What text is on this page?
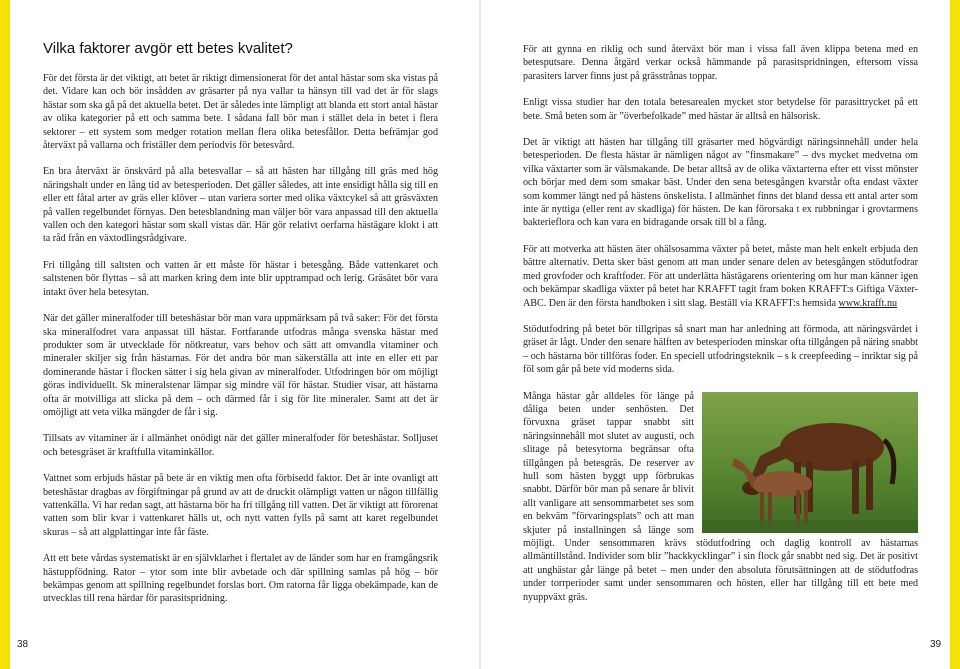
Vilka faktorer avgör ett betes kvalitet?

För det första är det viktigt, att betet är riktigt dimensionerat för det antal hästar som ska vistas på det. Vidare kan och bör insådden av gräsarter på nya vallar ta hänsyn till vad det är för slags hästar som ska gå på det aktuella betet. Det är således inte lämpligt att blanda ett stort antal hästar av olika kategorier på ett och samma bete. I sådana fall bör man i stället dela in betet i flera sektorer – ett system som medger rotation mellan flera olika betesfållor. Detta befrämjar god återväxt på vallarna och friställer dem periodvis för betesvård.

En bra återväxt är önskvärd på alla betesvallar – så att hästen har tillgång till gräs med hög näringshalt under en lång tid av betesperioden. Det gäller således, att inte ensidigt hålla sig till en eller ett fåtal arter av gräs eller klöver – utan variera sorter med olika växtcykel så att gräsväxten på vallen regelbundet förnyas. Den betesblandning man väljer bör vara anpassad till den aktuella vallen och den kategori hästar som skall vistas där. Här gör relativt oerfarna hästägare klokt i att ta råd från en växtodlingsrådgivare.

Fri tillgång till saltsten och vatten är ett måste för hästar i betesgång. Både vattenkaret och saltstenen bör flyttas – så att marken kring dem inte blir upptrampad och lerig. Gräsätet bör vara intakt över hela betesytan.

När det gäller mineralfoder till beteshästar bör man vara uppmärksam på två saker: För det första ska mineralfodret vara anpassat till hästar. Fortfarande utfodras många svenska hästar med produkter som är utvecklade för nötkreatur, vars behov och sätt att omvandla vitaminer och mineraler skiljer sig från hästarnas. För det andra bör man säkerställa att inte en eller ett par dominerande hästar i flocken sätter i sig hela givan av mineralfoder. Utfodringen bör om möjligt göras individuellt. Sk mineralstenar lämpar sig mindre väl för hästar. Studier visar, att hästarna ofta är motvilliga att slicka på dem – och därmed får i sig för lite mineraler. Samt att det är omöjligt att veta vilka mängder de får i sig.

Tillsats av vitaminer är i allmänhet onödigt när det gäller mineralfoder för beteshästar. Solljuset och betesgräset är kraftfulla vitaminkällor.

Vattnet som erbjuds hästar på bete är en viktig men ofta förbisedd faktor. Det är inte ovanligt att beteshästar dragbas av förgiftningar på grund av att de druckit olämpligt vatten ur någon tillfällig vattenkälla. Vi har redan sagt, att hästarna bör ha fri tillgång till vatten. Det är viktigt att förorenat vatten som blir kvar i vattenkaret hälls ut, och nytt vatten fylls på samt att karet regelbundet skuras – så att algplattingar inte får fäste.

Att ett bete vårdas systematiskt är en självklarhet i flertalet av de länder som har en framgångsrik hästuppfödning. Rator – ytor som inte blir avbetade och där spillning samlas på hög – bör bekämpas genom att spillning regelbundet forslas bort. Om ratorna får ligga obekämpade, kan de utvecklas till rena härdar för parasitspridning.

För att gynna en riklig och sund återväxt bör man i vissa fall även klippa betena med en betesputsare. Denna åtgärd verkar också hämmande på parasitspridningen, eftersom vissa parasiters larver finns just på grässtrånas toppar.

Enligt vissa studier har den totala betesarealen mycket stor betydelse för parasittrycket på ett bete. Små beten som är ”överbefolkade” med hästar är alltså en hälsorisk.

Det är viktigt att hästen har tillgång till gräsarter med högvärdigt näringsinnehåll under hela betesperioden. De flesta hästar är nämligen något av ”finsmakare” – dvs mycket medvetna om vilka växtarter som är välsmakande. De betar alltså av de olika växtarterna efter ett visst mönster och börjar med dem som smakar bäst. Under den sena betesgången kvarstår ofta endast växter som kommer längt ned på hästens önskelista. I allmänhet finns det bland dessa ett antal arter som inte är nyttiga (eller rent av skadliga) för hästen. De kan förorsaka t ex rubbningar i grovtarmens bakterieflora och kan vara en bidragande orsak till bl a fång.

För att motverka att hästen äter ohälsosamma växter på betet, måste man helt enkelt erbjuda den bättre alternativ. Detta sker bäst genom att man under senare delen av betesgången stödutfodrar med grovfoder och kraftfoder. För att underlätta hästägarens orientering om hur man känner igen och bekämpar skadliga växter på betet har KRAFFT tagit fram boken KRAFFT:s Giftiga Växter-ABC. Den är den första handboken i sitt slag. Beställ via KRAFFT:s hemsida www.krafft.nu

Stödutfodring på betet bör tillgripas så snart man har anledning att förmoda, att näringsvärdet i gräset är lågt. Under den senare hälften av betesperioden minskar ofta tillgången på näring snabbt – och hästarna bör tillföras foder. En speciell utfodringsteknik – s k creepfeeding – inriktar sig på föl som går på bete vid moderns sida.

Många hästar går alldeles för länge på dåliga beten under senhösten. Det förvuxna gräset tappar snabbt sitt näringsinnehåll mot slutet av augusti, och slitage på betesytorna begränsar ofta tillgången på betesgräs. De reserver av hull som hästen byggt upp förbrukas snabbt. Därför bör man på senare år blivit allt vanligare att sensommarbetet ses som en bekväm ”förvaringsplats” och att man skjuter på installningen så länge som möjligt. Under sensommaren krävs stödutfodring och daglig kontroll av hästarnas allmäntillstånd. Individer som blir ”hackkycklingar” i sin flock går snabbt ned sig. Det är positivt att unghästar går länge på betet – men under den absoluta förutsättningen att de stödutfodras under torrperioder samt under sensommaren och hösten, eller har tillgång till ett bete med nyuppväxt gräs.

38	39
